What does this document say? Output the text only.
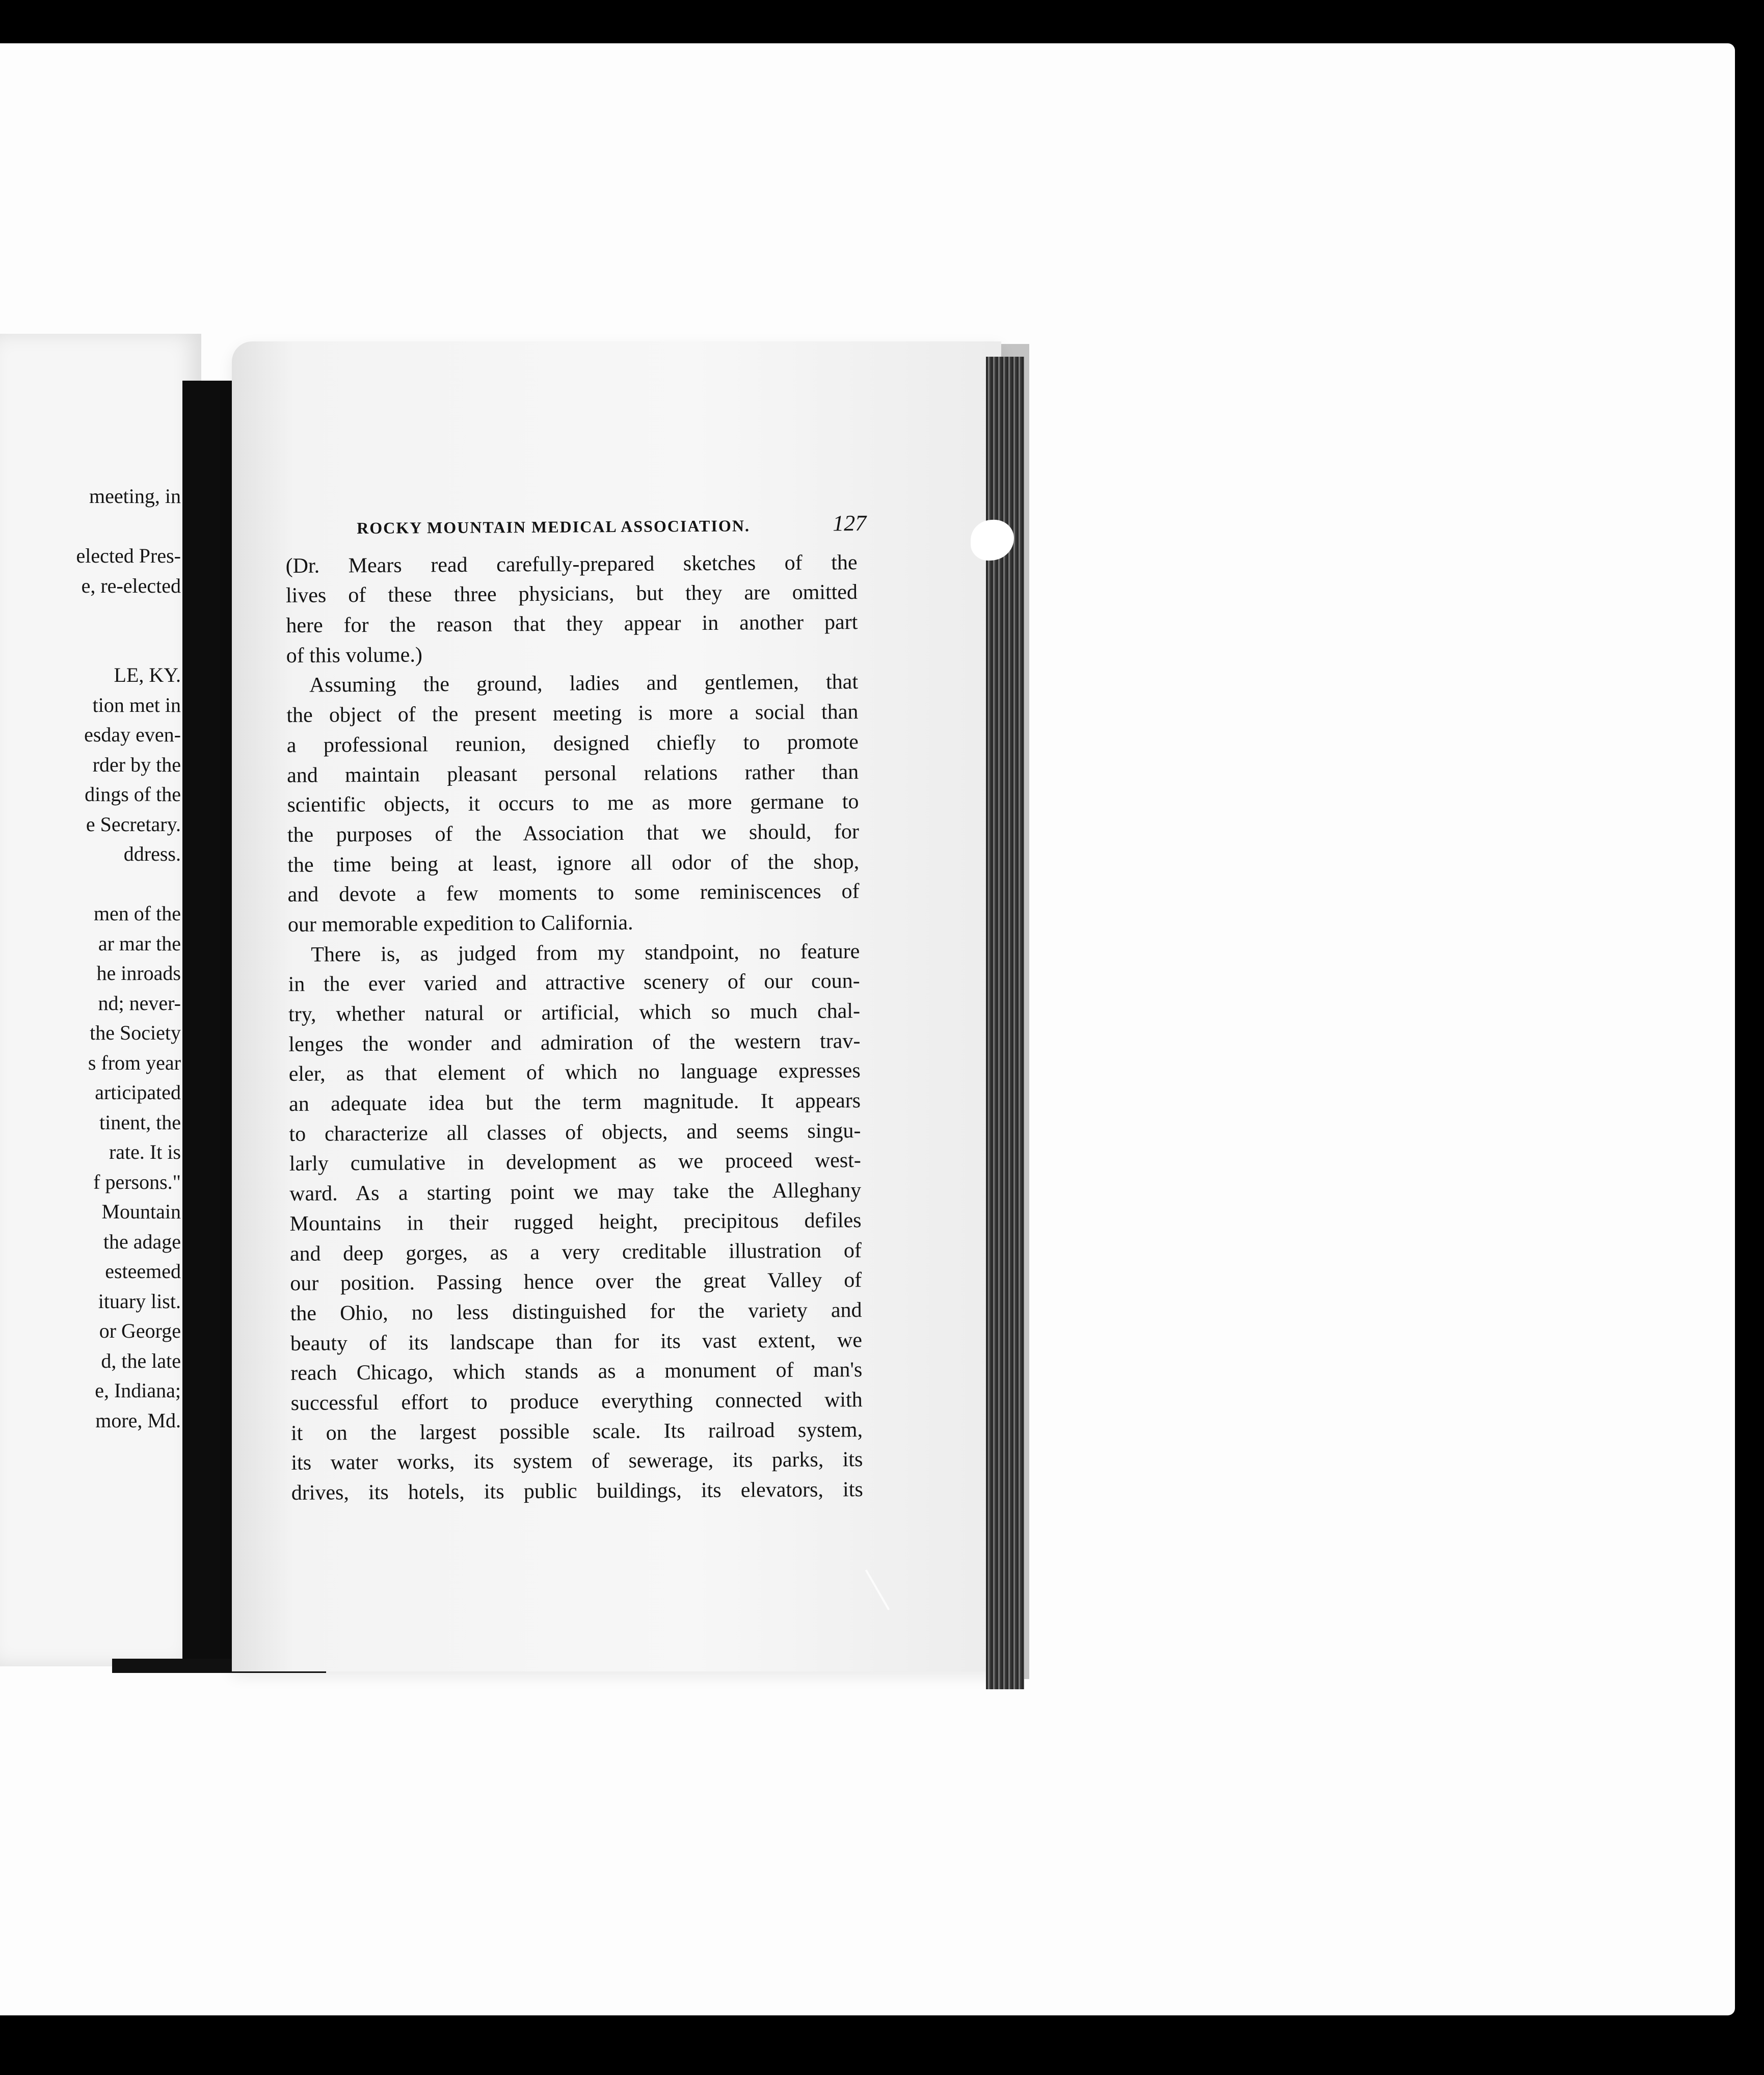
meeting, in
elected Pres-
e, re-elected
LE, KY.
tion met in
esday even-
rder by the
dings of the
e Secretary.
ddress.
men of the
ar mar the
he inroads
nd; never-
the Society
s from year
articipated
tinent, the
rate. It is
f persons."
Mountain
the adage
esteemed
ituary list.
or George
d, the late
e, Indiana;
more, Md.
ROCKY MOUNTAIN MEDICAL ASSOCIATION.	127
(Dr. Mears read carefully-prepared sketches of the
lives of these three physicians, but they are omitted
here for the reason that they appear in another part
of this volume.)
Assuming the ground, ladies and gentlemen, that
the object of the present meeting is more a social than
a professional reunion, designed chiefly to promote
and maintain pleasant personal relations rather than
scientific objects, it occurs to me as more germane to
the purposes of the Association that we should, for
the time being at least, ignore all odor of the shop,
and devote a few moments to some reminiscences of
our memorable expedition to California.
There is, as judged from my standpoint, no feature
in the ever varied and attractive scenery of our coun-
try, whether natural or artificial, which so much chal-
lenges the wonder and admiration of the western trav-
eler, as that element of which no language expresses
an adequate idea but the term magnitude. It appears
to characterize all classes of objects, and seems singu-
larly cumulative in development as we proceed west-
ward. As a starting point we may take the Alleghany
Mountains in their rugged height, precipitous defiles
and deep gorges, as a very creditable illustration of
our position. Passing hence over the great Valley of
the Ohio, no less distinguished for the variety and
beauty of its landscape than for its vast extent, we
reach Chicago, which stands as a monument of man's
successful effort to produce everything connected with
it on the largest possible scale. Its railroad system,
its water works, its system of sewerage, its parks, its
drives, its hotels, its public buildings, its elevators, its
